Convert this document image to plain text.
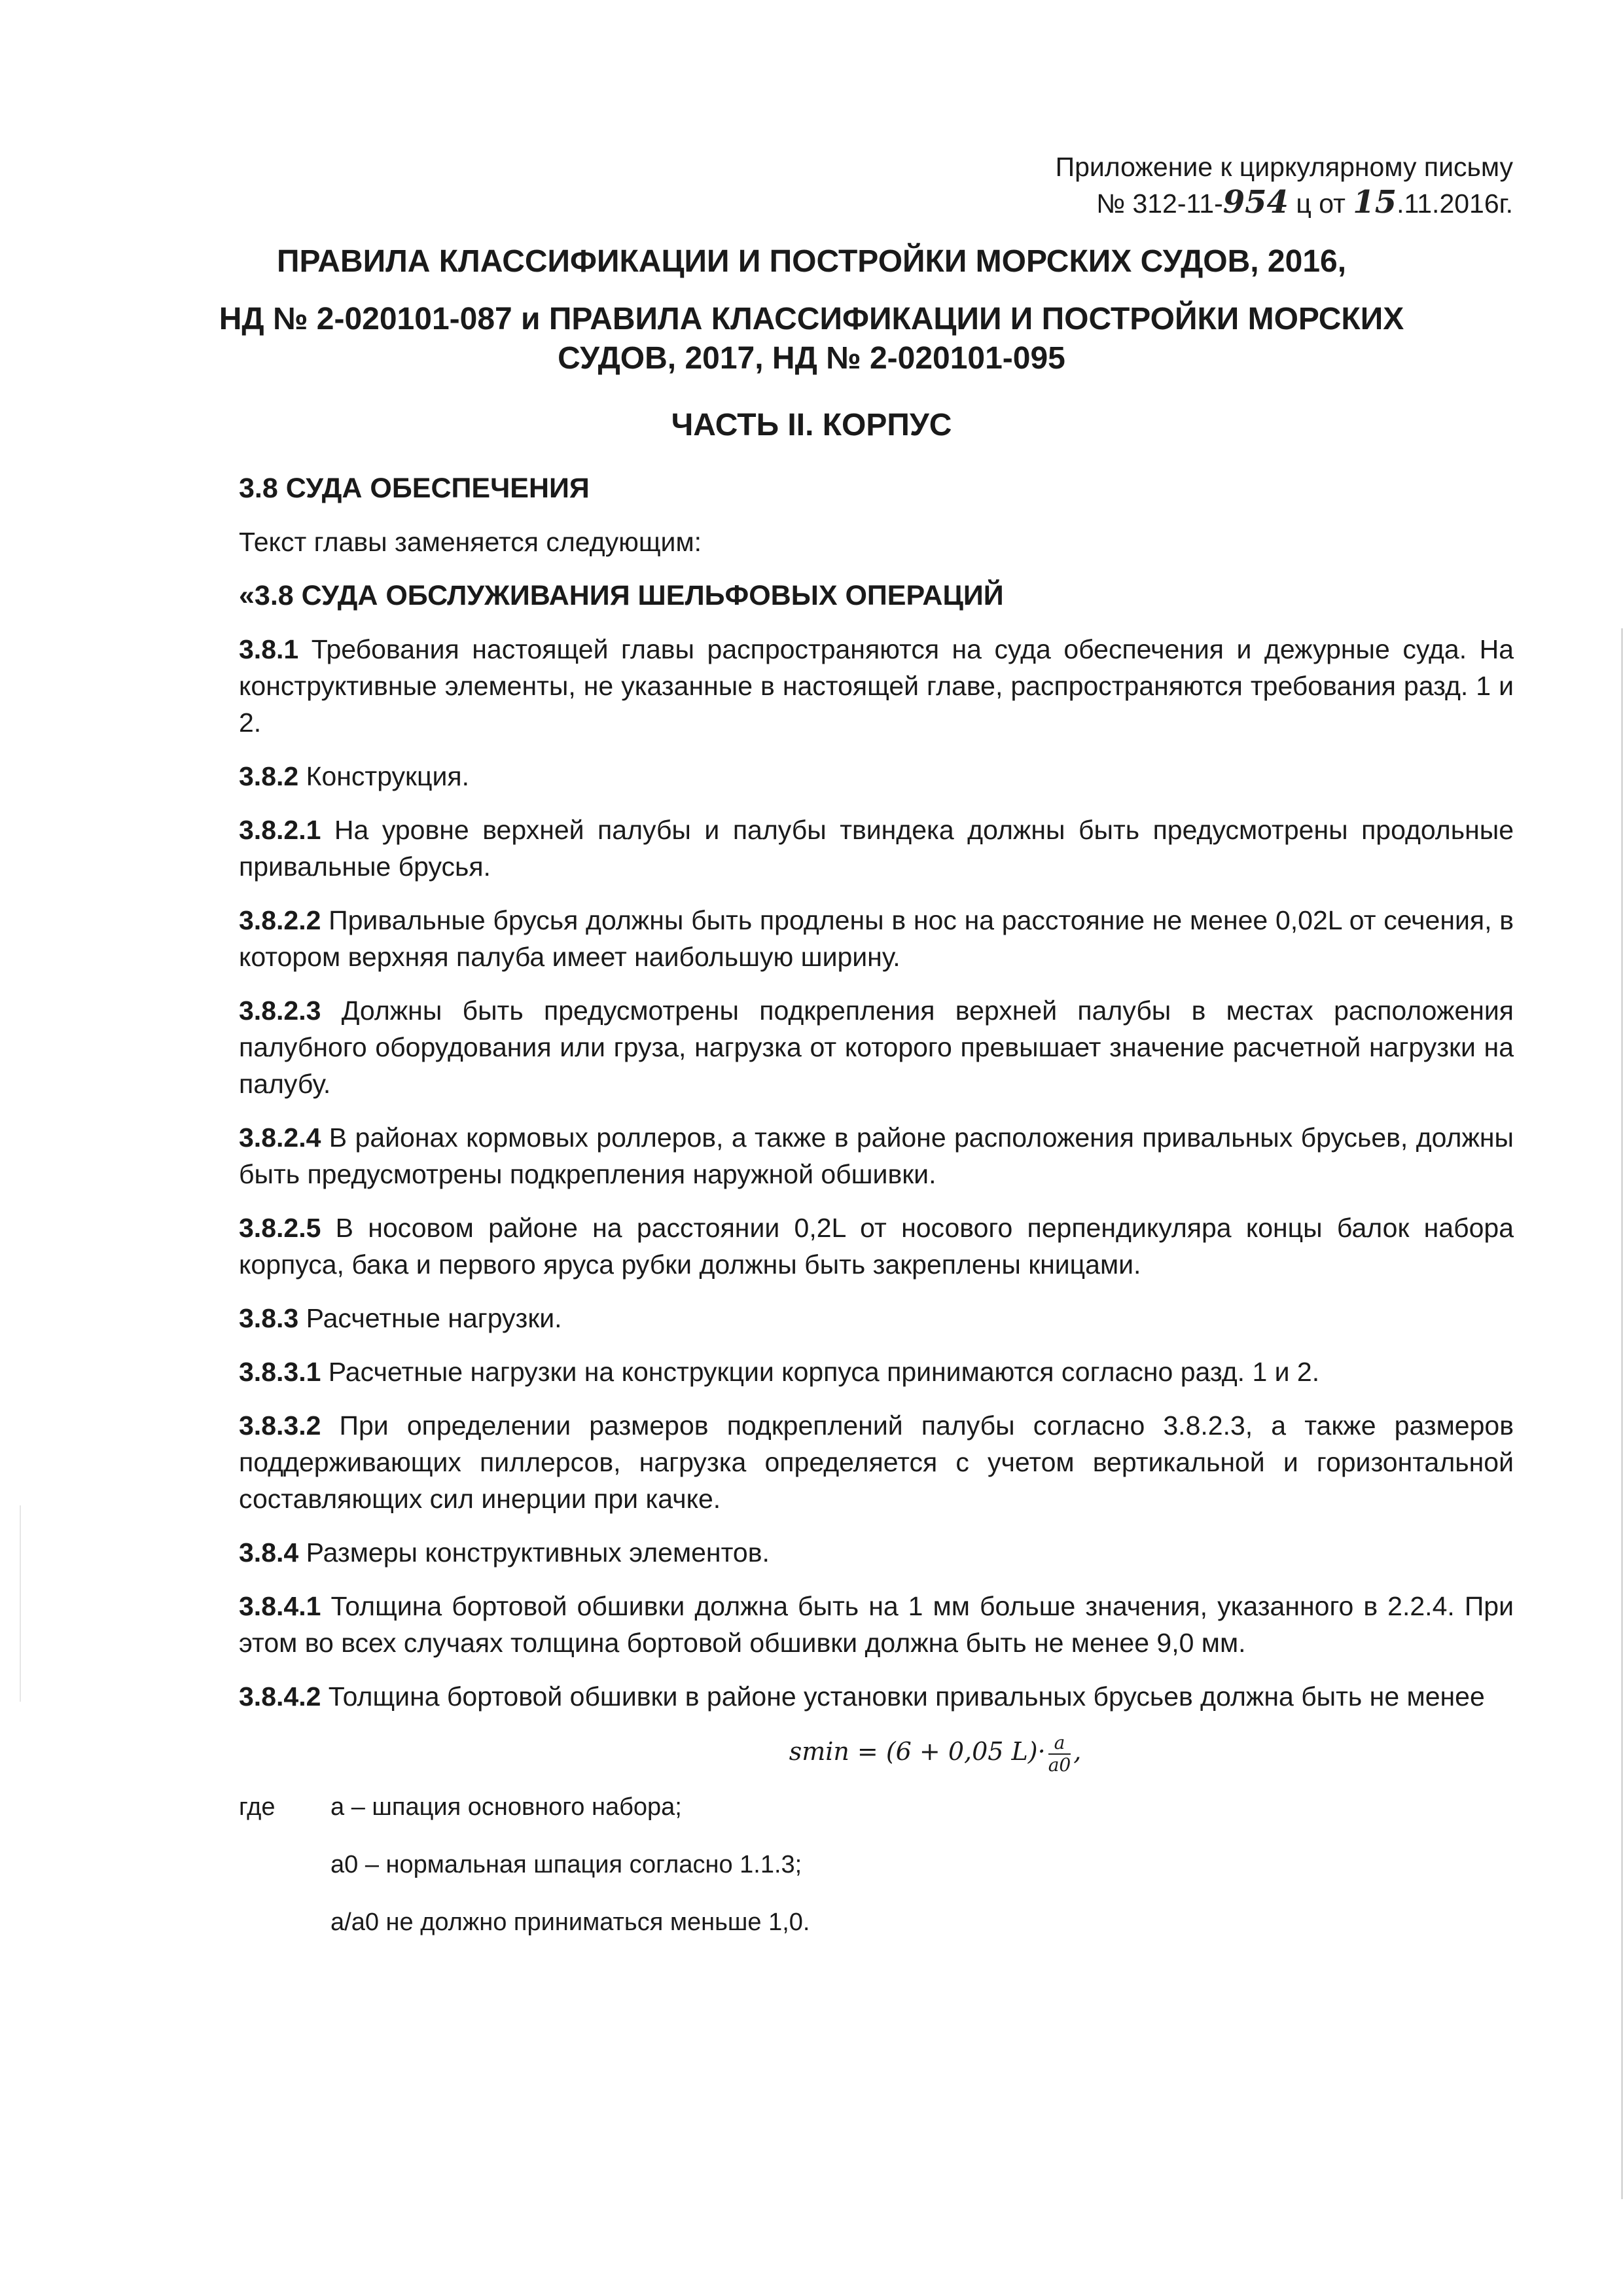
Приложение к циркулярному письму
№ 312-11-954 ц от 15.11.2016г.
ПРАВИЛА КЛАССИФИКАЦИИ И ПОСТРОЙКИ МОРСКИХ СУДОВ, 2016,
НД № 2-020101-087 и ПРАВИЛА КЛАССИФИКАЦИИ И ПОСТРОЙКИ МОРСКИХ СУДОВ, 2017, НД № 2-020101-095
ЧАСТЬ II. КОРПУС
3.8 СУДА ОБЕСПЕЧЕНИЯ
Текст главы заменяется следующим:
«3.8 СУДА ОБСЛУЖИВАНИЯ ШЕЛЬФОВЫХ ОПЕРАЦИЙ
3.8.1 Требования настоящей главы распространяются на суда обеспечения и дежурные суда. На конструктивные элементы, не указанные в настоящей главе, распространяются требования разд. 1 и 2.
3.8.2 Конструкция.
3.8.2.1 На уровне верхней палубы и палубы твиндека должны быть предусмотрены продольные привальные брусья.
3.8.2.2 Привальные брусья должны быть продлены в нос на расстояние не менее 0,02L от сечения, в котором верхняя палуба имеет наибольшую ширину.
3.8.2.3 Должны быть предусмотрены подкрепления верхней палубы в местах расположения палубного оборудования или груза, нагрузка от которого превышает значение расчетной нагрузки на палубу.
3.8.2.4 В районах кормовых роллеров, а также в районе расположения привальных брусьев, должны быть предусмотрены подкрепления наружной обшивки.
3.8.2.5 В носовом районе на расстоянии 0,2L от носового перпендикуляра концы балок набора корпуса, бака и первого яруса рубки должны быть закреплены кницами.
3.8.3 Расчетные нагрузки.
3.8.3.1 Расчетные нагрузки на конструкции корпуса принимаются согласно разд. 1 и 2.
3.8.3.2 При определении размеров подкреплений палубы согласно 3.8.2.3, а также размеров поддерживающих пиллерсов, нагрузка определяется с учетом вертикальной и горизонтальной составляющих сил инерции при качке.
3.8.4 Размеры конструктивных элементов.
3.8.4.1 Толщина бортовой обшивки должна быть на 1 мм больше значения, указанного в 2.2.4. При этом во всех случаях толщина бортовой обшивки должна быть не менее 9,0 мм.
3.8.4.2 Толщина бортовой обшивки в районе установки привальных брусьев должна быть не менее
smin = (6 + 0,05 $L)\cdot \frac{a}{a0}$ ,
где	a – шпация основного набора;
a0 – нормальная шпация согласно 1.1.3;
a/a0 не должно приниматься меньше 1,0.
